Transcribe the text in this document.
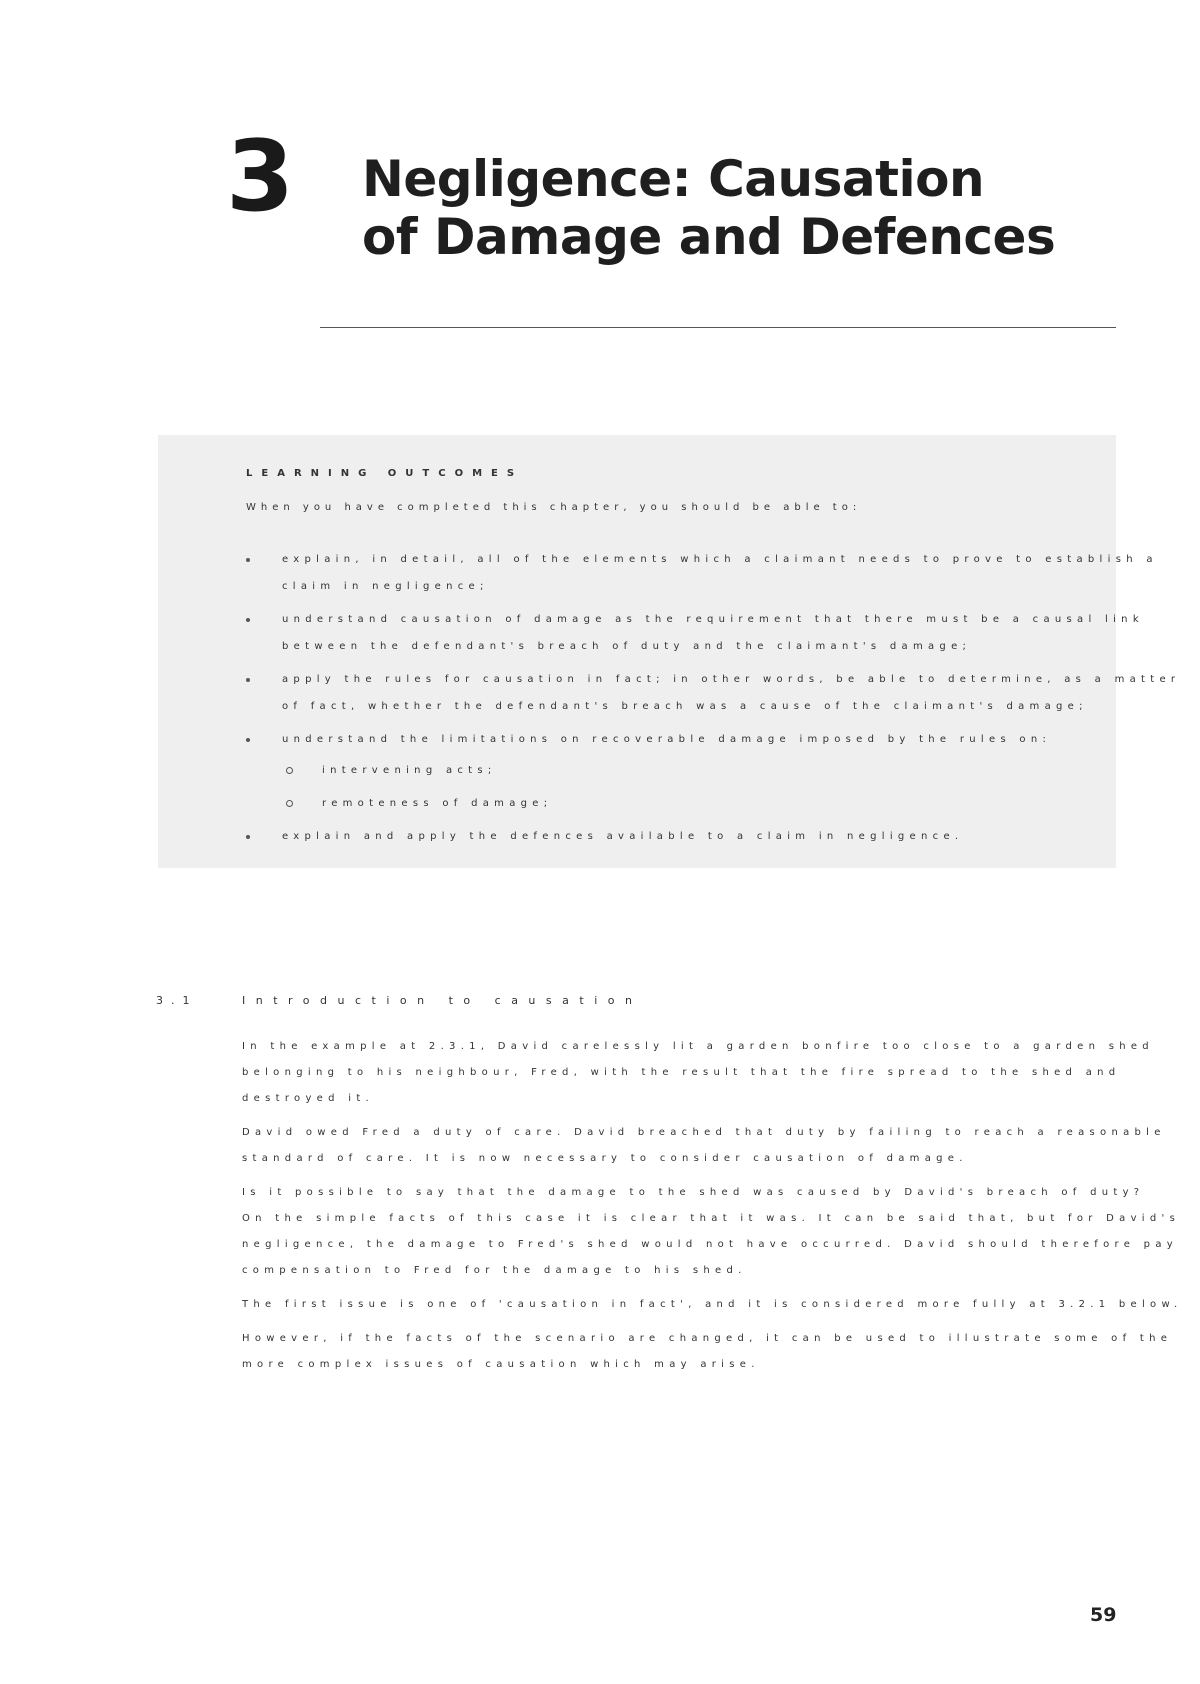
3 Negligence: Causation
of Damage and Defences
LEARNING OUTCOMES
When you have completed this chapter, you should be able to:
explain, in detail, all of the elements which a claimant needs to prove to establish a
claim in negligence;
understand causation of damage as the requirement that there must be a causal link
between the defendant's breach of duty and the claimant's damage;
apply the rules for causation in fact; in other words, be able to determine, as a matter
of fact, whether the defendant's breach was a cause of the claimant's damage;
understand the limitations on recoverable damage imposed by the rules on:
intervening acts;
remoteness of damage;
explain and apply the defences available to a claim in negligence.
3.1	Introduction to causation

In the example at 2.3.1, David carelessly lit a garden bonfire too close to a garden shed
belonging to his neighbour, Fred, with the result that the fire spread to the shed and
destroyed it.

David owed Fred a duty of care. David breached that duty by failing to reach a reasonable
standard of care. It is now necessary to consider causation of damage.

Is it possible to say that the damage to the shed was caused by David's breach of duty?
On the simple facts of this case it is clear that it was. It can be said that, but for David's
negligence, the damage to Fred's shed would not have occurred. David should therefore pay
compensation to Fred for the damage to his shed.

The first issue is one of 'causation in fact', and it is considered more fully at 3.2.1 below.

However, if the facts of the scenario are changed, it can be used to illustrate some of the
more complex issues of causation which may arise.

59
